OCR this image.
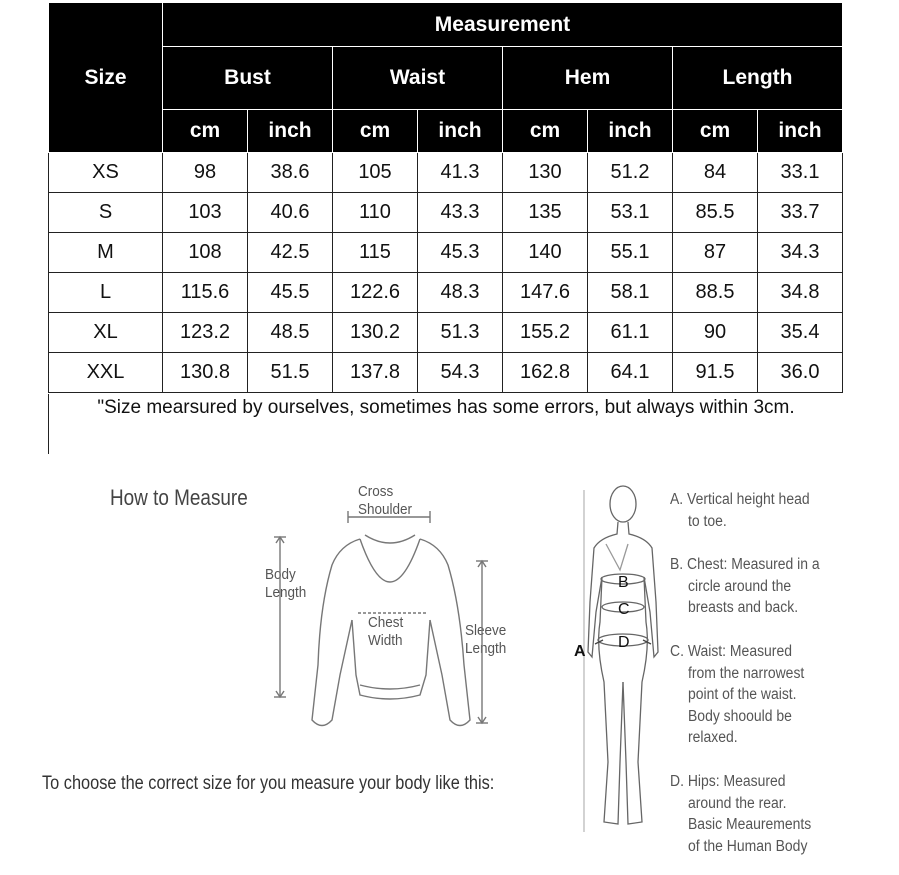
Size	Measurement							
	Bust		Waist		Hem		Length	
	cm	inch	cm	inch	cm	inch	cm	inch
XS	98	38.6	105	41.3	130	51.2	84	33.1
S	103	40.6	110	43.3	135	53.1	85.5	33.7
M	108	42.5	115	45.3	140	55.1	87	34.3
L	115.6	45.5	122.6	48.3	147.6	58.1	88.5	34.8
XL	123.2	48.5	130.2	51.3	155.2	61.1	90	35.4
XXL	130.8	51.5	137.8	54.3	162.8	64.1	91.5	36.0
"Size mearsured by ourselves, sometimes has some errors, but always within 3cm.
How to Measure	Cross
Shoulder
Body
Length
Chest
Width
Sleeve
Length
To choose the correct size for you measure your body like this:
B
C
D
A
A. Vertical height head
to toe.
B. Chest: Measured in a
circle around the
breasts and back.
C. Waist: Measured
from the narrowest
point of the waist.
Body shoould be
relaxed.
D. Hips: Measured
around the rear.
Basic Meaurements
of the Human Body
